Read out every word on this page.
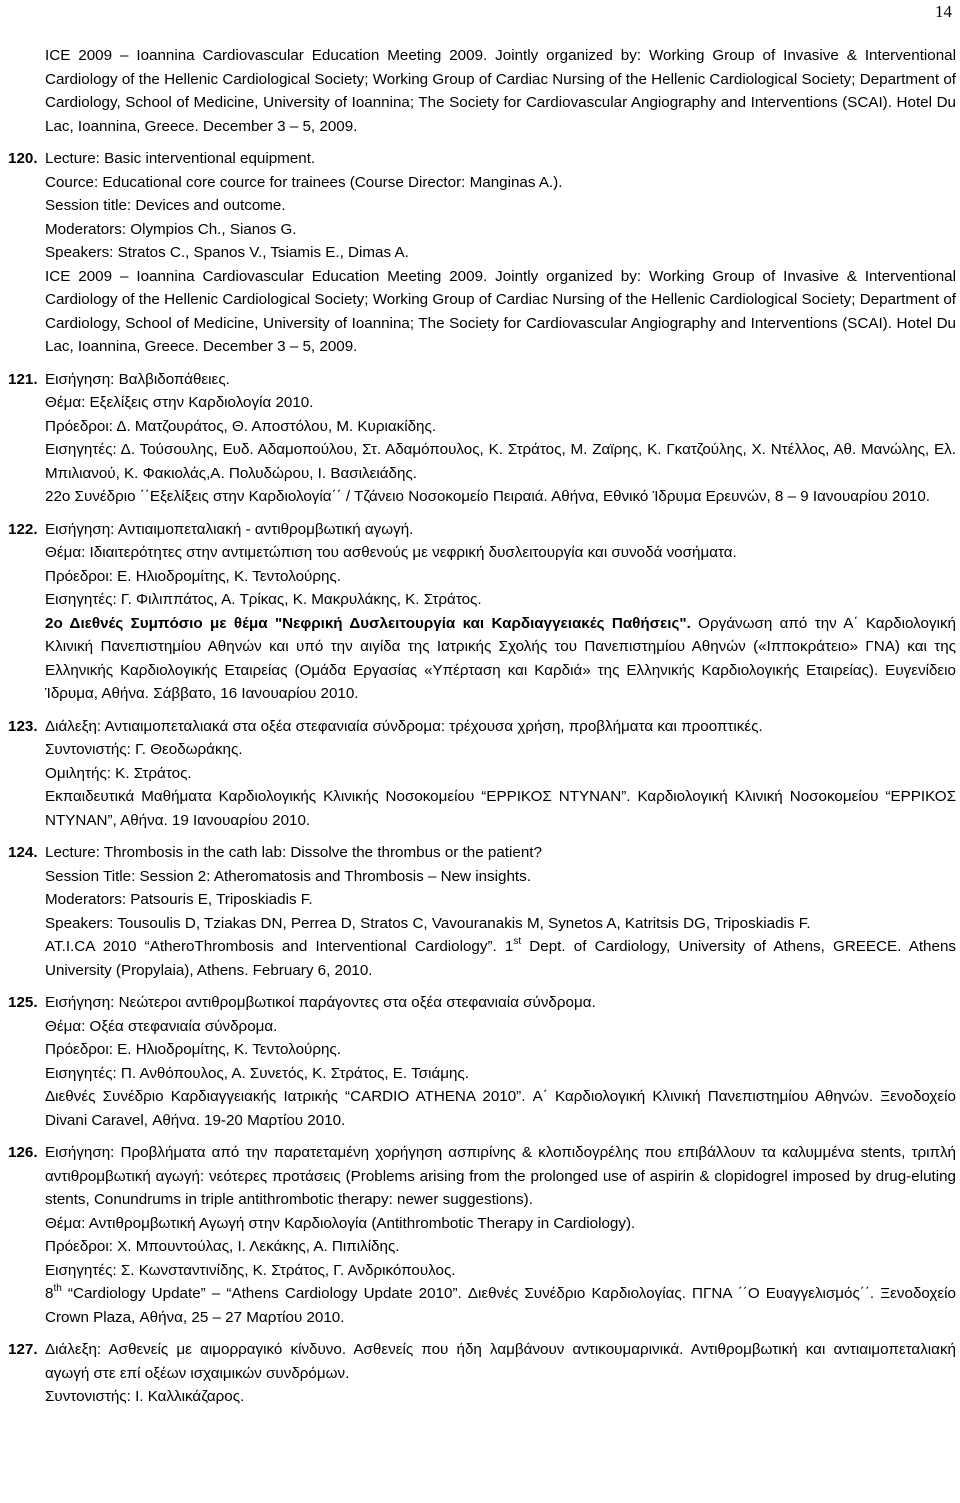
14

ICE 2009 – Ioannina Cardiovascular Education Meeting 2009. Jointly organized by: Working Group of Invasive & Interventional Cardiology of the Hellenic Cardiological Society; Working Group of Cardiac Nursing of the Hellenic Cardiological Society; Department of Cardiology, School of Medicine, University of Ioannina; The Society for Cardiovascular Angiography and Interventions (SCAI). Hotel Du Lac, Ioannina, Greece. December 3 – 5, 2009.

120. Lecture: Basic interventional equipment.
Cource: Educational core cource for trainees (Course Director: Manginas A.).
Session title: Devices and outcome.
Moderators: Olympios Ch., Sianos G.
Speakers: Stratos C., Spanos V., Tsiamis E., Dimas A.
ICE 2009 – Ioannina Cardiovascular Education Meeting 2009. Jointly organized by: Working Group of Invasive & Interventional Cardiology of the Hellenic Cardiological Society; Working Group of Cardiac Nursing of the Hellenic Cardiological Society; Department of Cardiology, School of Medicine, University of Ioannina; The Society for Cardiovascular Angiography and Interventions (SCAI). Hotel Du Lac, Ioannina, Greece. December 3 – 5, 2009.
121. Εισήγηση: Βαλβιδοπάθειες.
Θέμα: Εξελίξεις στην Καρδιολογία 2010.
Πρόεδροι: Δ. Ματζουράτος, Θ. Αποστόλου, Μ. Κυριακίδης.
Εισηγητές: Δ. Τούσουλης, Ευδ. Αδαμοπούλου, Στ. Αδαμόπουλος, Κ. Στράτος, Μ. Ζαϊρης, Κ. Γκατζούλης, Χ. Ντέλλος, Αθ. Μανώλης, Ελ. Μπιλιανού, Κ. Φακιολάς,Α. Πολυδώρου, Ι. Βασιλειάδης.
22ο Συνέδριο ΄΄Εξελίξεις στην Καρδιολογία΄΄ / Τζάνειο Νοσοκομείο Πειραιά. Αθήνα, Εθνικό Ίδρυμα Ερευνών, 8 – 9 Ιανουαρίου 2010.
122. Εισήγηση: Αντιαιμοπεταλιακή - αντιθρομβωτική αγωγή.
Θέμα: Ιδιαιτερότητες στην αντιμετώπιση του ασθενούς με νεφρική δυσλειτουργία και συνοδά νοσήματα.
Πρόεδροι: Ε. Ηλιοδρομίτης, Κ. Τεντολούρης.
Εισηγητές: Γ. Φιλιππάτος, Α. Τρίκας, Κ. Μακρυλάκης, Κ. Στράτος.
2ο Διεθνές Συμπόσιο με θέμα "Νεφρική Δυσλειτουργία και Καρδιαγγειακές Παθήσεις". Οργάνωση από την Α΄ Καρδιολογική Κλινική Πανεπιστημίου Αθηνών και υπό την αιγίδα της Ιατρικής Σχολής του Πανεπιστημίου Αθηνών («Ιπποκράτειο» ΓΝΑ) και της Ελληνικής Καρδιολογικής Εταιρείας (Ομάδα Εργασίας «Υπέρταση και Καρδιά» της Ελληνικής Καρδιολογικής Εταιρείας). Ευγενίδειο Ίδρυμα, Αθήνα. Σάββατο, 16 Ιανουαρίου 2010.
123. Διάλεξη: Αντιαιμοπεταλιακά στα οξέα στεφανιαία σύνδρομα: τρέχουσα χρήση, προβλήματα και προοπτικές.
Συντονιστής: Γ. Θεοδωράκης.
Ομιλητής: Κ. Στράτος.
Εκπαιδευτικά Μαθήματα Καρδιολογικής Κλινικής Νοσοκομείου “ΕΡΡΙΚΟΣ ΝΤΥΝΑΝ”. Καρδιολογική Κλινική Νοσοκομείου “ΕΡΡΙΚΟΣ ΝΤΥΝΑΝ”, Αθήνα. 19 Ιανουαρίου 2010.
124. Lecture: Thrombosis in the cath lab: Dissolve the thrombus or the patient?
Session Title: Session 2: Atheromatosis and Thrombosis – New insights.
Moderators: Patsouris E, Triposkiadis F.
Speakers: Tousoulis D, Tziakas DN, Perrea D, Stratos C, Vavouranakis M, Synetos A, Katritsis DG, Triposkiadis F.
AT.I.CA 2010 “AtheroThrombosis and Interventional Cardiology”. 1st Dept. of Cardiology, University of Athens, GREECE. Athens University (Propylaia), Athens. February 6, 2010.
125. Εισήγηση: Νεώτεροι αντιθρομβωτικοί παράγοντες στα οξέα στεφανιαία σύνδρομα.
Θέμα: Οξέα στεφανιαία σύνδρομα.
Πρόεδροι: Ε. Ηλιοδρομίτης, Κ. Τεντολούρης.
Εισηγητές: Π. Ανθόπουλος, Α. Συνετός, Κ. Στράτος, Ε. Τσιάμης.
Διεθνές Συνέδριο Καρδιαγγειακής Ιατρικής “CARDIO ATHENA 2010”. Α΄ Καρδιολογική Κλινική Πανεπιστημίου Αθηνών. Ξενοδοχείο Divani Caravel, Αθήνα. 19-20 Μαρτίου 2010.
126. Εισήγηση: Προβλήματα από την παρατεταμένη χορήγηση ασπιρίνης & κλοπιδογρέλης που επιβάλλουν τα καλυμμένα stents, τριπλή αντιθρομβωτική αγωγή: νεότερες προτάσεις (Problems arising from the prolonged use of aspirin & clopidogrel imposed by drug-eluting stents, Conundrums in triple antithrombotic therapy: newer suggestions).
Θέμα: Αντιθρομβωτική Αγωγή στην Καρδιολογία (Antithrombotic Therapy in Cardiology).
Πρόεδροι: Χ. Μπουντούλας, Ι. Λεκάκης, Α. Πιπιλίδης.
Εισηγητές: Σ. Κωνσταντινίδης, Κ. Στράτος, Γ. Ανδρικόπουλος.
8th “Cardiology Update” – “Athens Cardiology Update 2010”. Διεθνές Συνέδριο Καρδιολογίας. ΠΓΝΑ ΄΄Ο Ευαγγελισμός΄΄. Ξενοδοχείο Crown Plaza, Αθήνα, 25 – 27 Μαρτίου 2010.
127. Διάλεξη: Ασθενείς με αιμορραγικό κίνδυνο. Ασθενείς που ήδη λαμβάνουν αντικουμαρινικά. Αντιθρομβωτική και αντιαιμοπεταλιακή αγωγή στε επί οξέων ισχαιμικών συνδρόμων.
Συντονιστής: Ι. Καλλικάζαρος.
